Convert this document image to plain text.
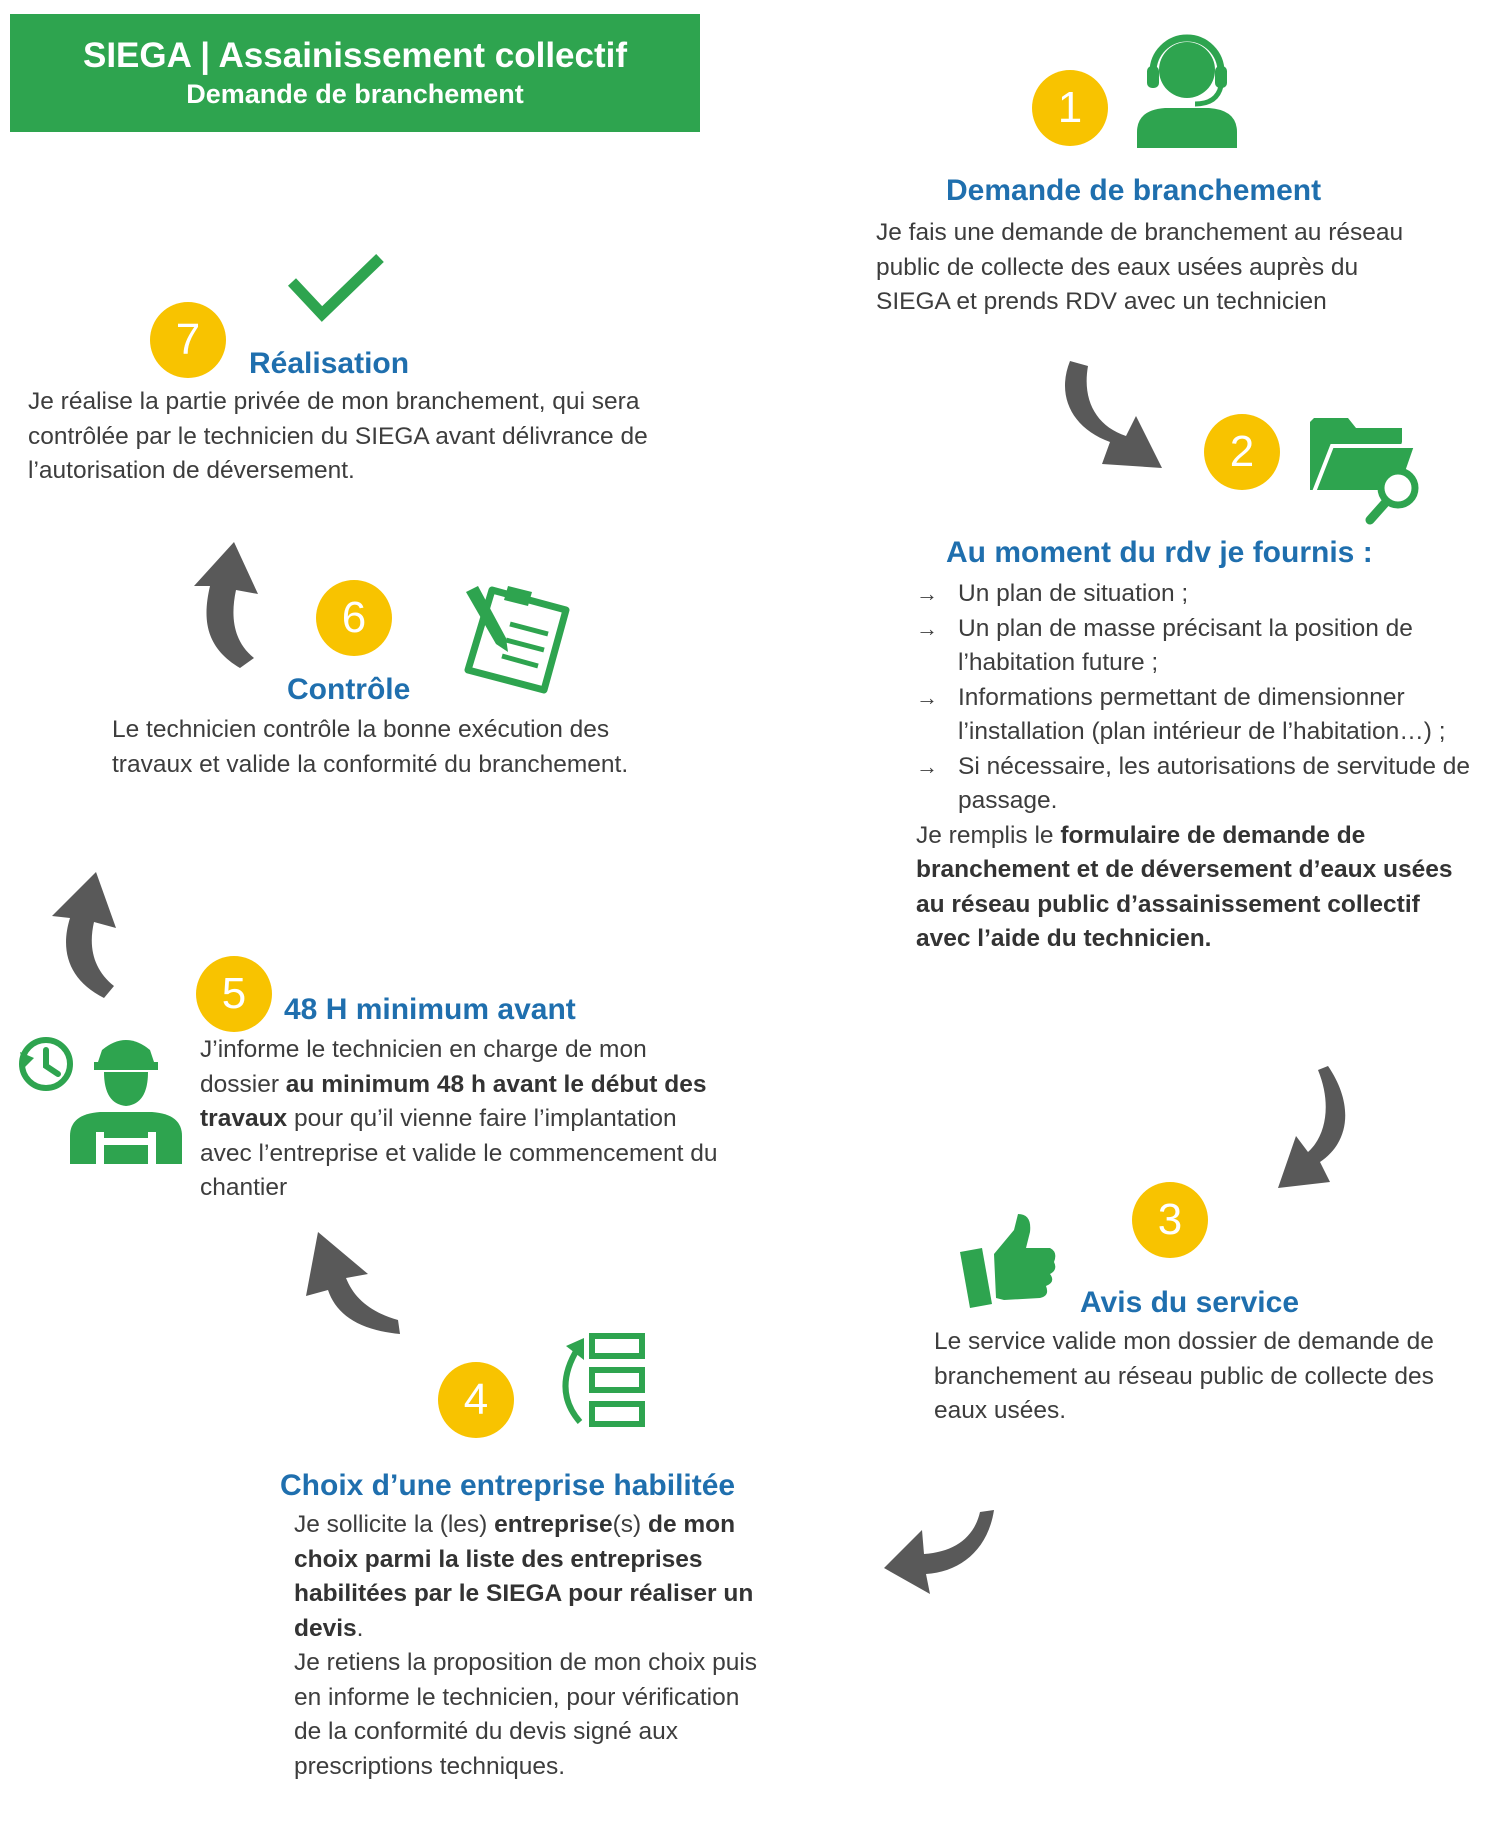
SIEGA | Assainissement collectif
Demande de branchement	1
Demande de branchement
Je fais une demande de branchement au réseau
public de collecte des eaux usées auprès du
SIEGA et prends RDV avec un technicien
2
Au moment du rdv je fournis :
→ Un plan de situation ;
→ Un plan de masse précisant la position de l’habitation future ;
→ Informations permettant de dimensionner l’installation (plan intérieur de l’habitation…) ;
→ Si nécessaire, les autorisations de servitude de passage.
Je remplis le formulaire de demande de branchement et de déversement d’eaux usées au réseau public d’assainissement collectif avec l’aide du technicien.
3
Avis du service
Le service valide mon dossier de demande de branchement au réseau public de collecte des eaux usées.
4
Choix d’une entreprise habilitée
Je sollicite la (les) entreprise(s) de mon choix parmi la liste des entreprises habilitées par le SIEGA pour réaliser un devis.
Je retiens la proposition de mon choix puis en informe le technicien, pour vérification de la conformité du devis signé aux prescriptions techniques.
5	48 H minimum avant
J’informe le technicien en charge de mon dossier au minimum 48 h avant le début des travaux pour qu’il vienne faire l’implantation avec l’entreprise et valide le commencement du chantier
6
Contrôle
Le technicien contrôle la bonne exécution des travaux et valide la conformité du branchement.
7	Réalisation
Je réalise la partie privée de mon branchement, qui sera contrôlée par le technicien du SIEGA avant délivrance de l’autorisation de déversement.
